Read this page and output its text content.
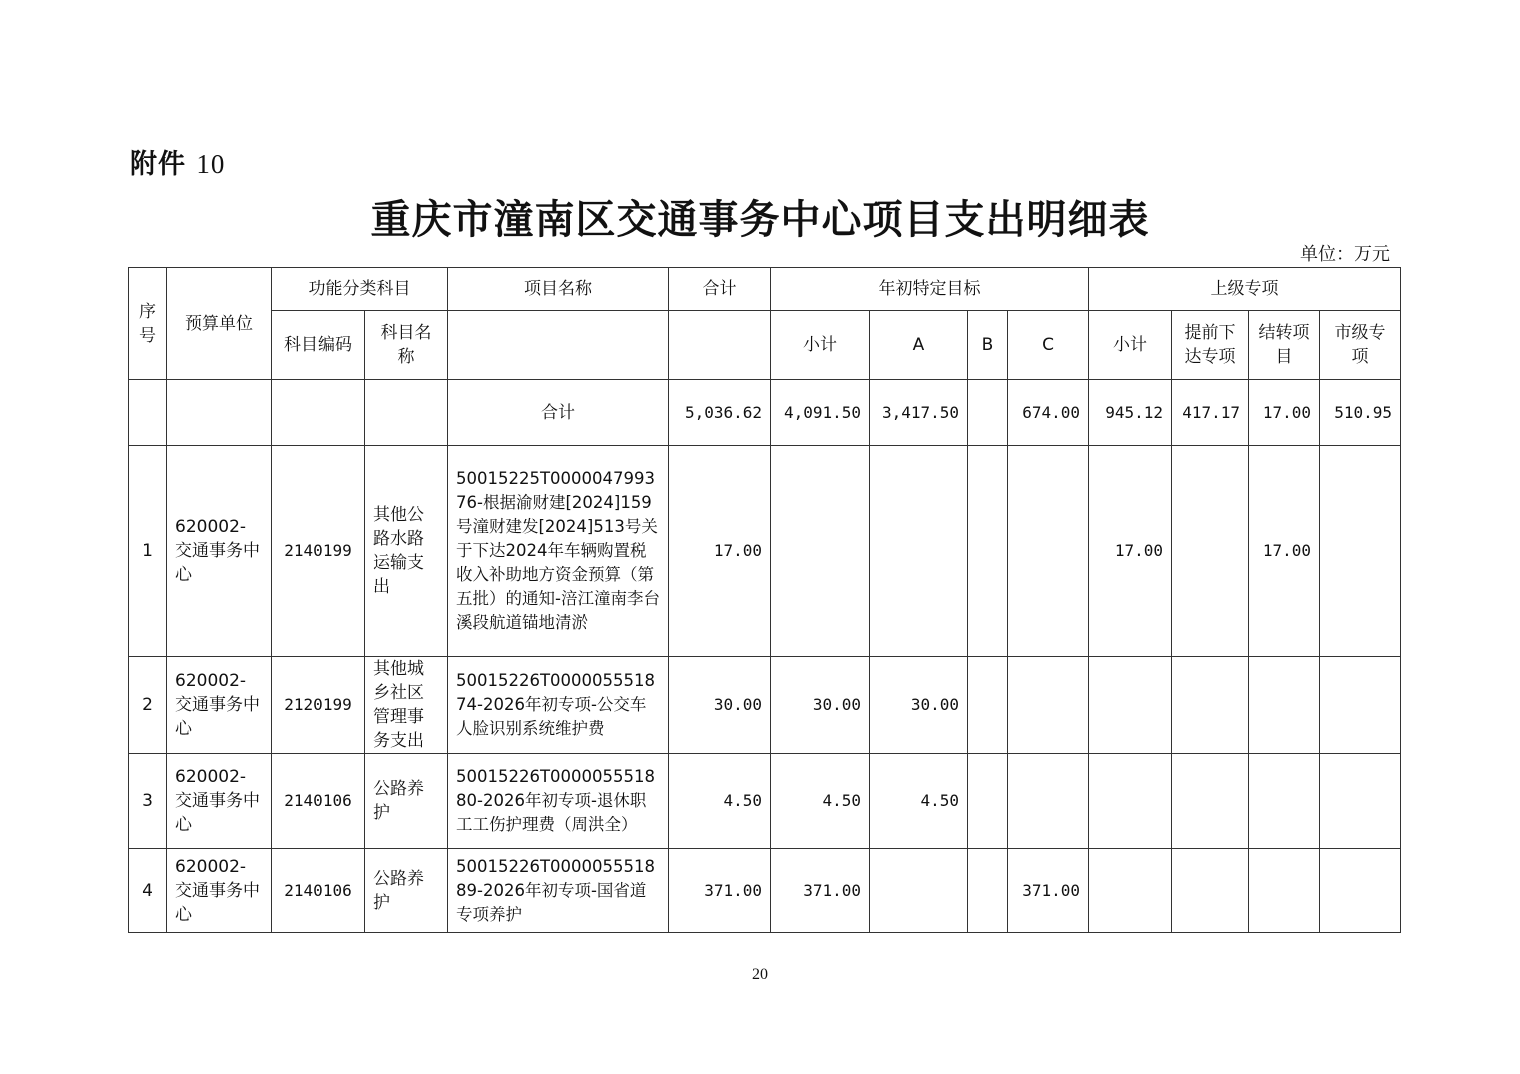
附件 10
重庆市潼南区交通事务中心项目支出明细表
单位：万元
序号	预算单位	功能分类科目		项目名称	合计	年初特定目标				上级专项			
		科目编码	科目名称			小计	A	B	C	小计	提前下达专项	结转项目	市级专项
				合计	5,036.62	4,091.50	3,417.50		674.00	945.12	417.17	17.00	510.95
1	620002-交通事务中心	2140199	其他公路水路运输支出	50015225T000004799376-根据渝财建[2024]159号潼财建发[2024]513号关于下达2024年车辆购置税收入补助地方资金预算（第五批）的通知-涪江潼南李台溪段航道锚地清淤	17.00					17.00		17.00	
2	620002-交通事务中心	2120199	其他城乡社区管理事务支出	50015226T000005551874-2026年初专项-公交车人脸识别系统维护费	30.00	30.00	30.00						
3	620002-交通事务中心	2140106	公路养护	50015226T000005551880-2026年初专项-退休职工工伤护理费（周洪全）	4.50	4.50	4.50						
4	620002-交通事务中心	2140106	公路养护	50015226T000005551889-2026年初专项-国省道专项养护	371.00	371.00			371.00				
20
